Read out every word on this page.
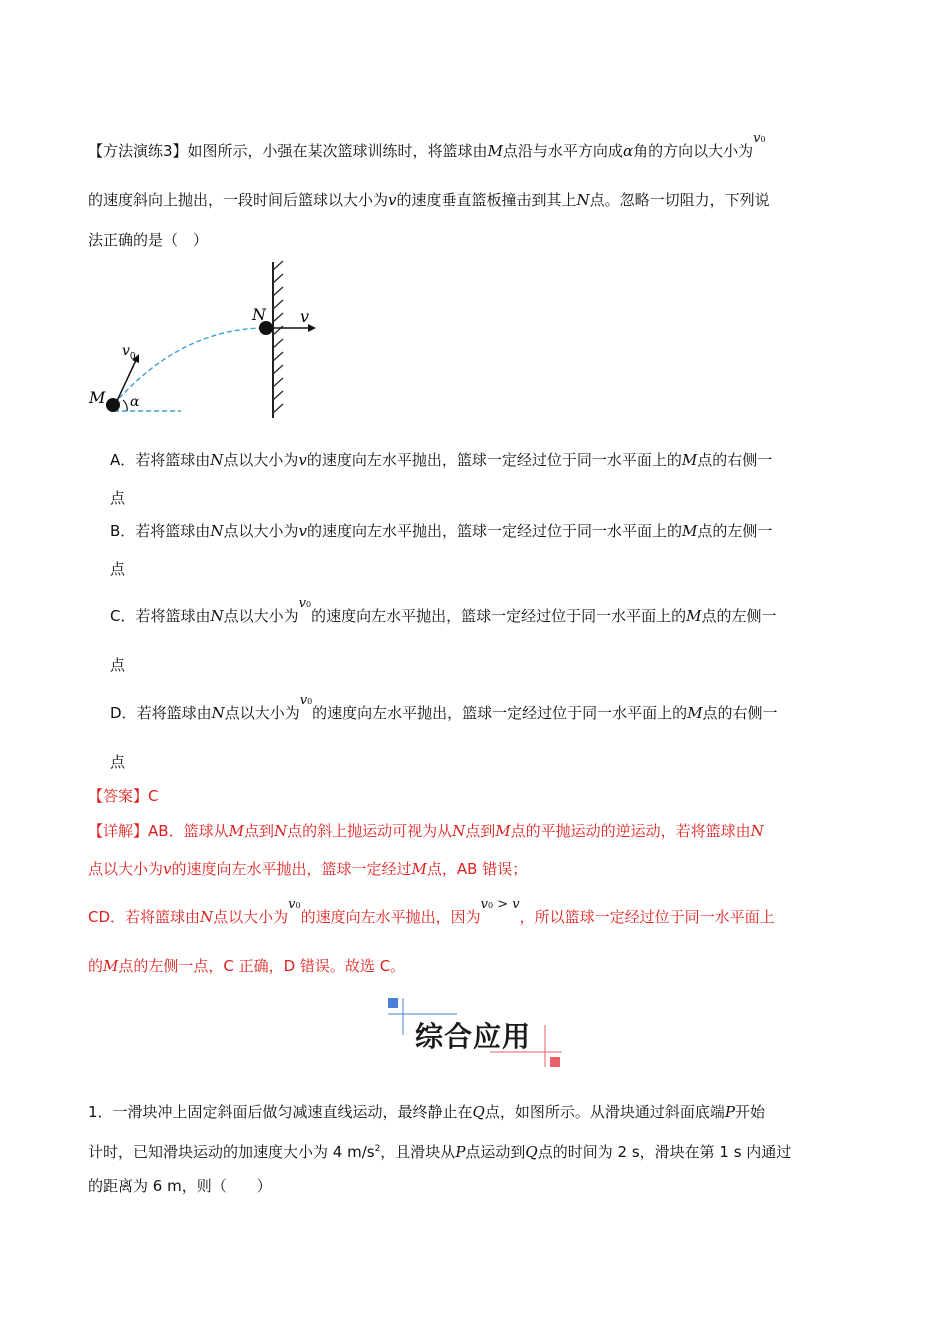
【方法演练3】如图所示，小强在某次篮球训练时，将篮球由M点沿与水平方向成α角的方向以大小为v0
的速度斜向上抛出，一段时间后篮球以大小为v的速度垂直篮板撞击到其上N点。忽略一切阻力，下列说
法正确的是（　）
N v
$v_0$
M α
A．若将篮球由N点以大小为v的速度向左水平抛出，篮球一定经过位于同一水平面上的M点的右侧一
点
B．若将篮球由N点以大小为v的速度向左水平抛出，篮球一定经过位于同一水平面上的M点的左侧一
点
C．若将篮球由N点以大小为v0的速度向左水平抛出，篮球一定经过位于同一水平面上的M点的左侧一
点
D．若将篮球由N点以大小为v0的速度向左水平抛出，篮球一定经过位于同一水平面上的M点的右侧一
点
【答案】C
【详解】AB．篮球从M点到N点的斜上抛运动可视为从N点到M点的平抛运动的逆运动，若将篮球由N
点以大小为v的速度向左水平抛出，篮球一定经过M点，AB 错误；
CD．若将篮球由N点以大小为v0的速度向左水平抛出，因为v0 > v，所以篮球一定经过位于同一水平面上
的M点的左侧一点，C 正确，D 错误。故选 C。
综合应用
1．一滑块冲上固定斜面后做匀减速直线运动，最终静止在Q点，如图所示。从滑块通过斜面底端P开始
计时，已知滑块运动的加速度大小为 4 $m/s^2$，且滑块从P点运动到Q点的时间为 2 s，滑块在第 1 s 内通过
的距离为 6 m，则（　　）
